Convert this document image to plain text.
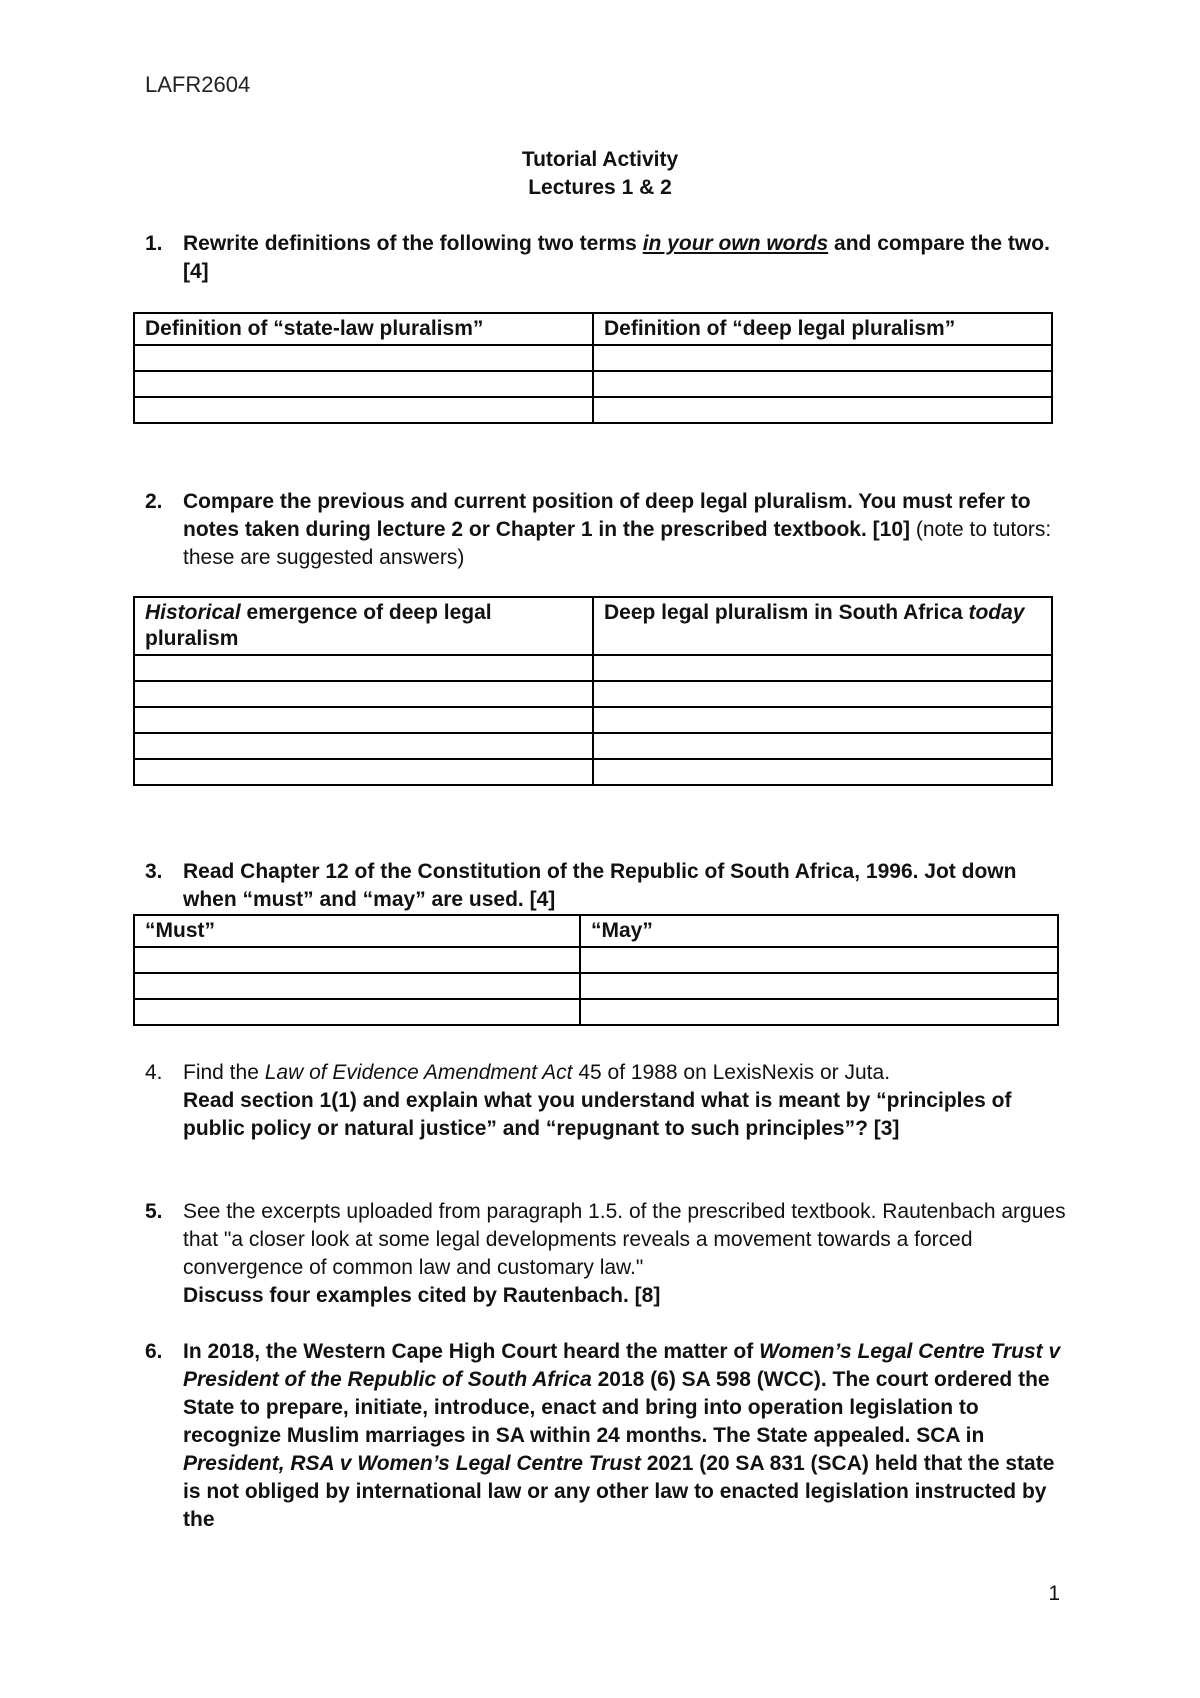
LAFR2604
Tutorial Activity
Lectures 1 & 2
1. Rewrite definitions of the following two terms in your own words and compare the two. [4]
Definition of “state-law pluralism”	Definition of “deep legal pluralism”

2. Compare the previous and current position of deep legal pluralism. You must refer to notes taken during lecture 2 or Chapter 1 in the prescribed textbook. [10] (note to tutors: these are suggested answers)
Historical emergence of deep legal pluralism	Deep legal pluralism in South Africa today

3. Read Chapter 12 of the Constitution of the Republic of South Africa, 1996. Jot down when “must” and “may” are used. [4]
“Must”	“May”

4. Find the Law of Evidence Amendment Act 45 of 1988 on LexisNexis or Juta.
Read section 1(1) and explain what you understand what is meant by “principles of public policy or natural justice” and “repugnant to such principles”? [3]
5. See the excerpts uploaded from paragraph 1.5. of the prescribed textbook. Rautenbach argues that "a closer look at some legal developments reveals a movement towards a forced convergence of common law and customary law."
Discuss four examples cited by Rautenbach. [8]
6. In 2018, the Western Cape High Court heard the matter of Women’s Legal Centre Trust v President of the Republic of South Africa 2018 (6) SA 598 (WCC). The court ordered the State to prepare, initiate, introduce, enact and bring into operation legislation to recognize Muslim marriages in SA within 24 months. The State appealed. SCA in President, RSA v Women’s Legal Centre Trust 2021 (20 SA 831 (SCA) held that the state is not obliged by international law or any other law to enacted legislation instructed by the
1
